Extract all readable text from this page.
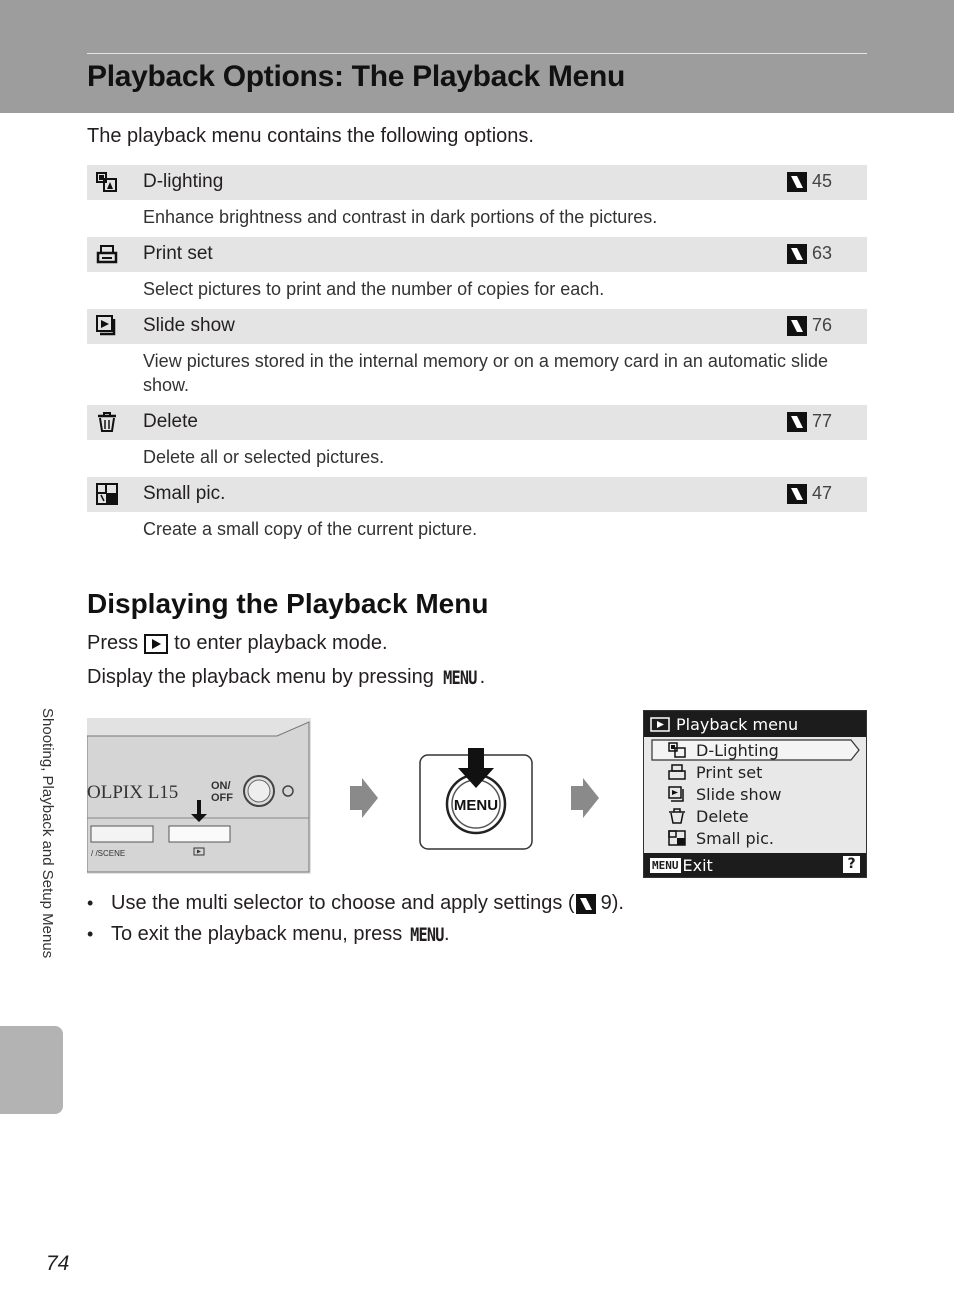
Playback Options: The Playback Menu

The playback menu contains the following options.

D-lighting	45
Enhance brightness and contrast in dark portions of the pictures.
Print set	63
Select pictures to print and the number of copies for each.
Slide show	76
View pictures stored in the internal memory or on a memory card in an automatic slide show.
Delete	77
Delete all or selected pictures.
Small pic.	47
Create a small copy of the current picture.
Displaying the Playback Menu
Press to enter playback mode.
Display the playback menu by pressing MENU .
OLPIX L15	ON/
OFF
/ /SCENE
MENU
Playback menu
D-Lighting
Print set
Slide show
Delete
Small pic.
MENU Exit	?
• Use the multi selector to choose and apply settings ( 9 ).
• To exit the playback menu, press MENU .
Shooting, Playback and Setup Menus
74
